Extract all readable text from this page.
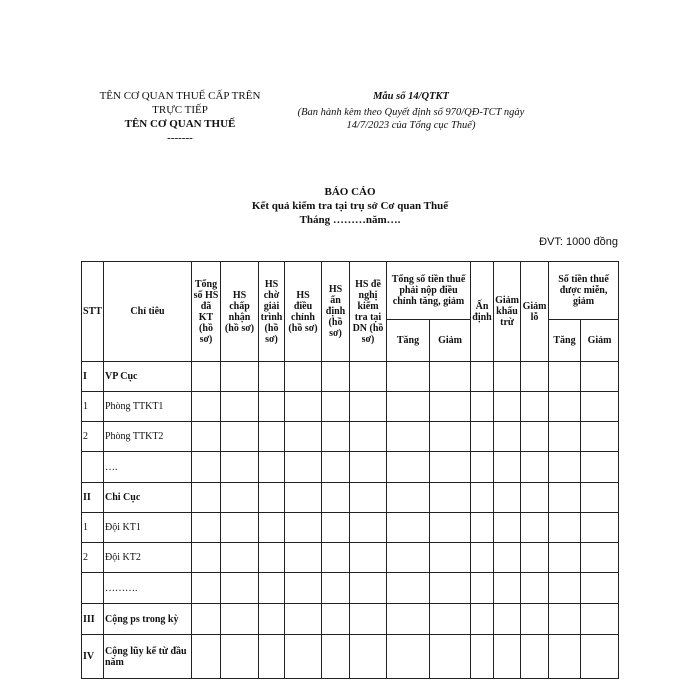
TÊN CƠ QUAN THUẾ CẤP TRÊN
TRỰC TIẾP
TÊN CƠ QUAN THUẾ
-------
Mẫu số 14/QTKT
(Ban hành kèm theo Quyết định số 970/QĐ-TCT ngày
14/7/2023 của Tổng cục Thuế)
BÁO CÁO
Kết quả kiểm tra tại trụ sở Cơ quan Thuế
Tháng ………năm….
ĐVT: 1000 đồng
STT	Chỉ tiêu	Tổng số HS đã KT (hồ sơ)	HS chấp nhận (hồ sơ)	HS chờ giải trình (hồ sơ)	HS điều chỉnh (hồ sơ)	HS ấn định (hồ sơ)	HS đề nghị kiểm tra tại DN (hồ sơ)	Tổng số tiền thuế phải nộp điều chỉnh tăng, giảm		Ấn định	Giảm khấu trừ	Giảm lỗ	Số tiền thuế được miễn, giảm	
								Tăng	Giảm				Tăng	Giảm
I	VP Cục													
1	Phòng TTKT1													
2	Phòng TTKT2													
	….													
II	Chi Cục													
1	Đội KT1													
2	Đội KT2													
	……….													
III	Cộng ps trong kỳ													
IV	Cộng lũy kế từ đầu năm													
